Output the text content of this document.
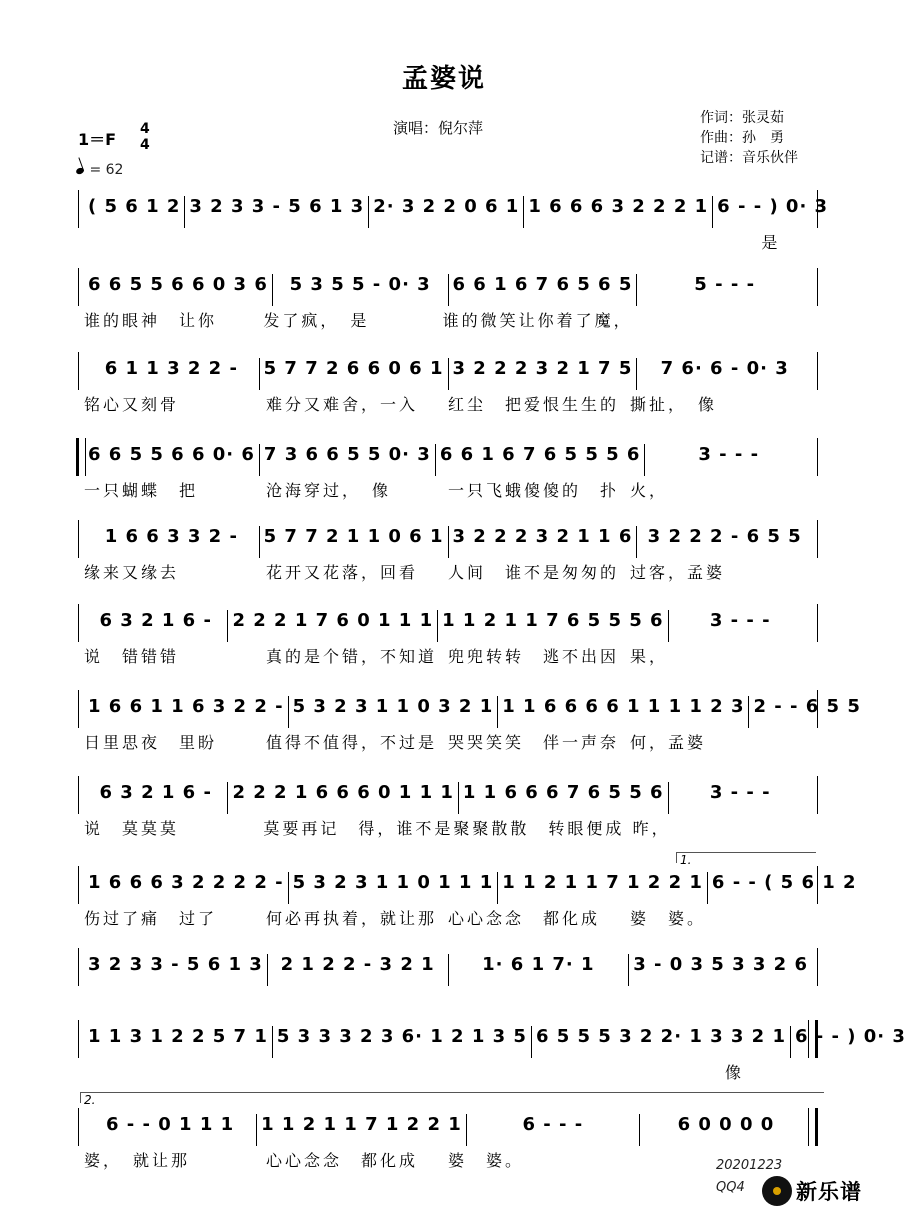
孟婆说
演唱：倪尔萍
作词：张灵茹
作曲：孙　勇
记谱：音乐伙伴
1＝F
4
4
= 62
( 5 6 1 2 3 2 3 3 - 5 6 1 3 2· 3 2 2 0 6 1 1 6 6 6 3 2 2 2 1 6 - - ) 0· 3
　　　　　是
6 6 5 5 6 6 0 3 6	5 3 5 5 - 0· 3	6 6 1 6 7 6 5 6 5	5 - - -
谁的眼神　让你	发了疯，　是	谁的微笑让你着了魔，
6 1 1 3 2 2 -	5 7 7 2 6 6 0 6 1 3 2 2 2 3 2 1 7 5	7 6· 6 - 0· 3
铭心又刻骨	难分又难舍，一入	红尘　把爱恨生生的 撕扯，　像
6 6 5 5 6 6 0· 6 7 3 6 6 5 5 0· 3 6 6 1 6 7 6 5 5 5 6	3 - - -
一只蝴蝶　把	沧海穿过，　像	一只飞蛾傻傻的　扑 火，
1 6 6 3 3 2 -	5 7 7 2 1 1 0 6 1 3 2 2 2 3 2 1 1 6 3 2 2 2 - 6 5 5
缘来又缘去	花开又花落，回看	人间　谁不是匆匆的 过客，孟婆
6 3 2 1 6 -	2 2 2 1 7 6 0 1 1 1 1 1 2 1 1 7 6 5 5 5 6	3 - - -
说　错错错	真的是个错，不知道 兜兜转转　逃不出因 果，
1 6 6 1 1 6 3 2 2 - 5 3 2 3 1 1 0 3 2 1 1 1 6 6 6 6 1 1 1 1 2 3 2 - - 6 5 5
日里思夜　里盼	值得不值得，不过是 哭哭笑笑　伴一声奈 何，孟婆
6 3 2 1 6 -	2 2 2 1 6 6 6 0 1 1 1 1 1 6 6 6 7 6 5 5 6	3 - - -
说　莫莫莫	莫要再记　得，谁不是 聚聚散散　转眼便成 昨，
1 6 6 6 3 2 2 2 2 - 5 3 2 3 1 1 0 1 1 1 1 1 2 1 1 7 1 2 2 1 6 - - ( 5 6 1 2
伤过了痛　过了	何必再执着，就让那 心心念念　都化成	婆　婆。
3 2 3 3 - 5 6 1 3 2 1 2 2 - 3 2 1	1· 6 1 7· 1	3 - 0 3 5 3 3 2 6
1 1 3 1 2 2 5 7 1 5 3 3 3 2 3 6· 1 2 1 3 5 6 5 5 5 3 2 2· 1 3 3 2 1 6 - - ) 0· 3
　　　　　像
6 - - 0 1 1 1	1 1 2 1 1 7 1 2 2 1	6 - - -	6 0 0 0 0
婆，　就让那	心心念念　都化成	婆　婆。
1.
2.
20201223
QQ4 新乐谱
